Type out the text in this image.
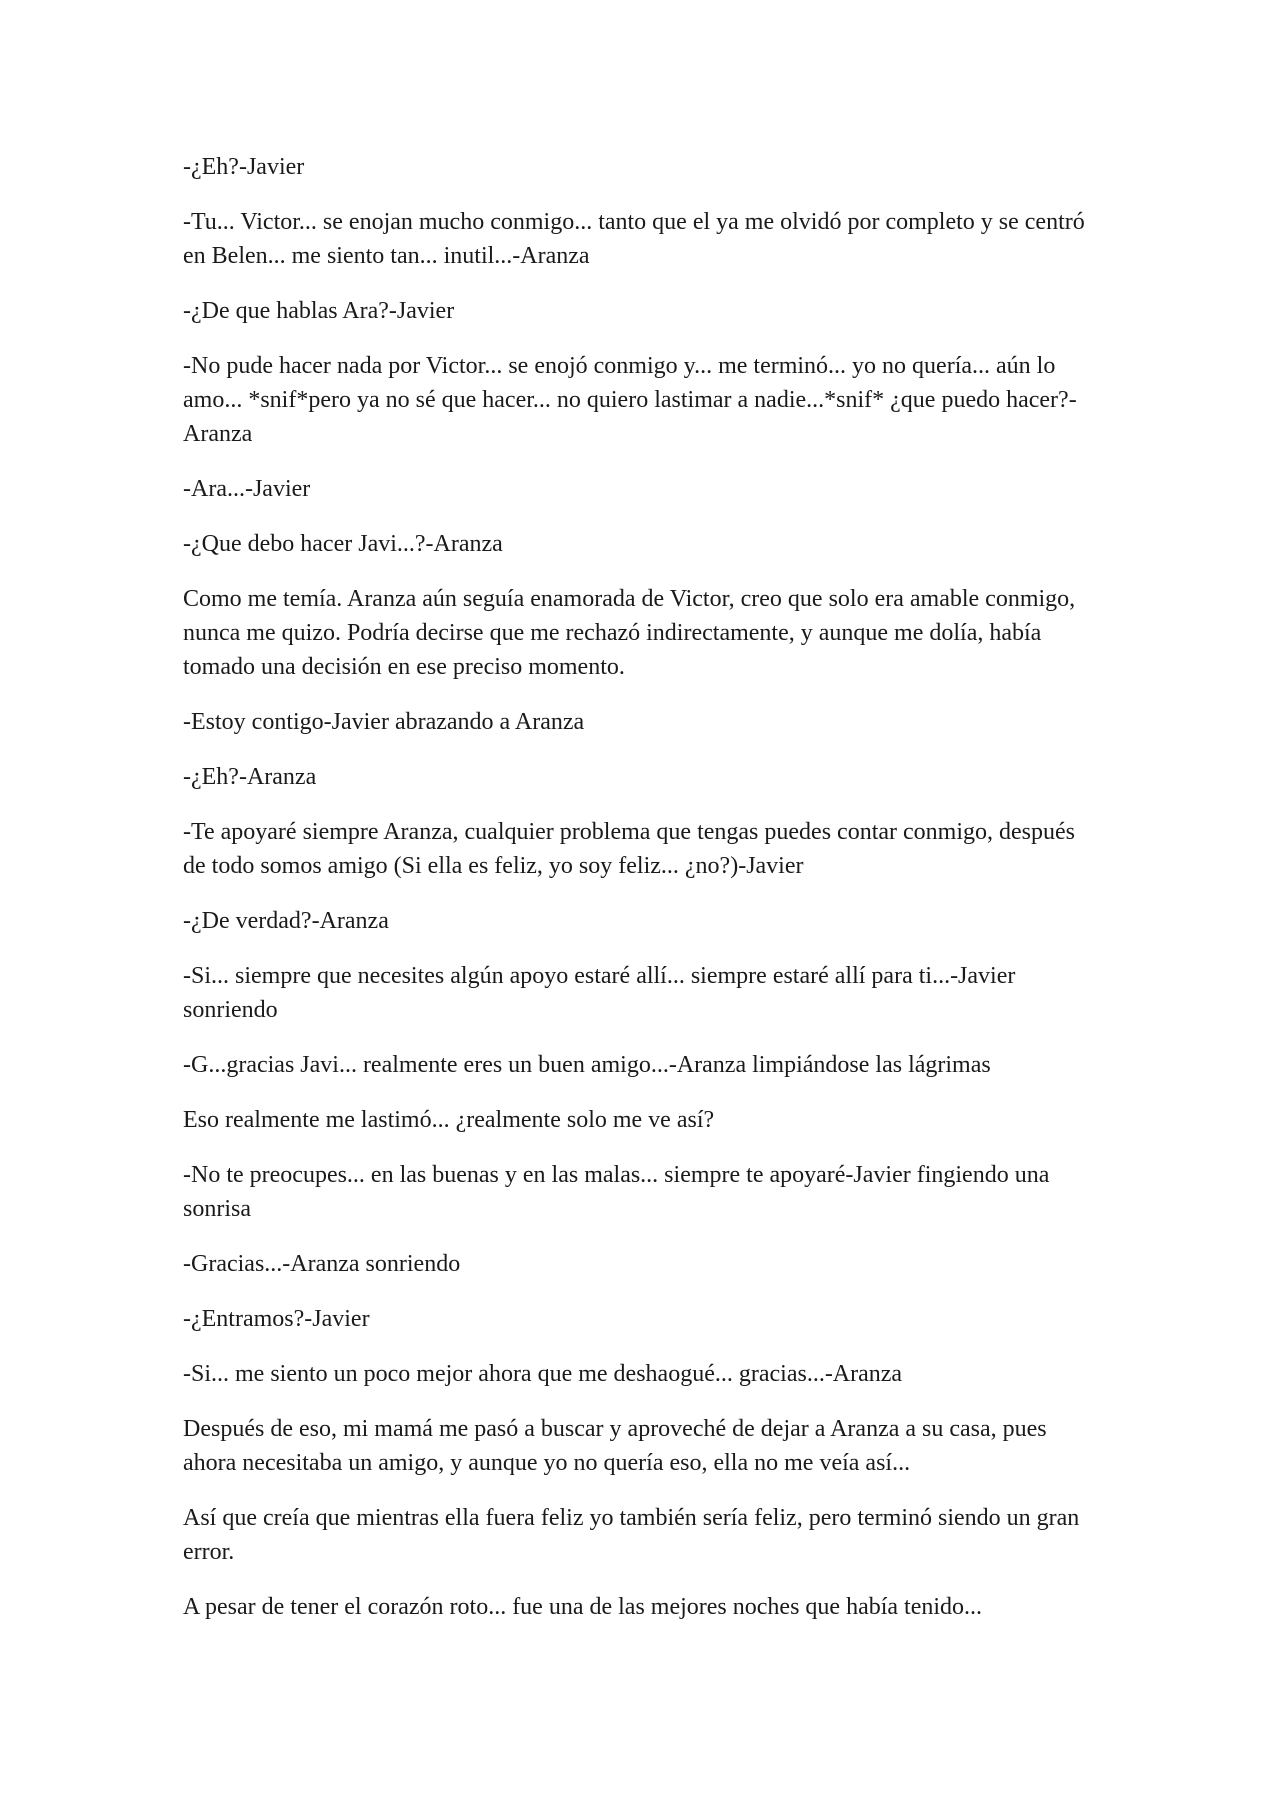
-¿Eh?-Javier

-Tu... Victor... se enojan mucho conmigo... tanto que el ya me olvidó por completo y se centró en Belen... me siento tan... inutil...-Aranza

-¿De que hablas Ara?-Javier

-No pude hacer nada por Victor... se enojó conmigo y... me terminó... yo no quería... aún lo amo... *snif*pero ya no sé que hacer... no quiero lastimar a nadie...*snif* ¿que puedo hacer?-Aranza

-Ara...-Javier

-¿Que debo hacer Javi...?-Aranza

Como me temía. Aranza aún seguía enamorada de Victor, creo que solo era amable conmigo, nunca me quizo. Podría decirse que me rechazó indirectamente, y aunque me dolía, había tomado una decisión en ese preciso momento.

-Estoy contigo-Javier abrazando a Aranza

-¿Eh?-Aranza

-Te apoyaré siempre Aranza, cualquier problema que tengas puedes contar conmigo, después de todo somos amigo (Si ella es feliz, yo soy feliz... ¿no?)-Javier

-¿De verdad?-Aranza

-Si... siempre que necesites algún apoyo estaré allí... siempre estaré allí para ti...-Javier sonriendo

-G...gracias Javi... realmente eres un buen amigo...-Aranza limpiándose las lágrimas

Eso realmente me lastimó... ¿realmente solo me ve así?

-No te preocupes... en las buenas y en las malas... siempre te apoyaré-Javier fingiendo una sonrisa

-Gracias...-Aranza sonriendo

-¿Entramos?-Javier

-Si... me siento un poco mejor ahora que me deshaogué... gracias...-Aranza

Después de eso, mi mamá me pasó a buscar y aproveché de dejar a Aranza a su casa, pues ahora necesitaba un amigo, y aunque yo no quería eso, ella no me veía así...

Así que creía que mientras ella fuera feliz yo también sería feliz, pero terminó siendo un gran error.

A pesar de tener el corazón roto... fue una de las mejores noches que había tenido...
